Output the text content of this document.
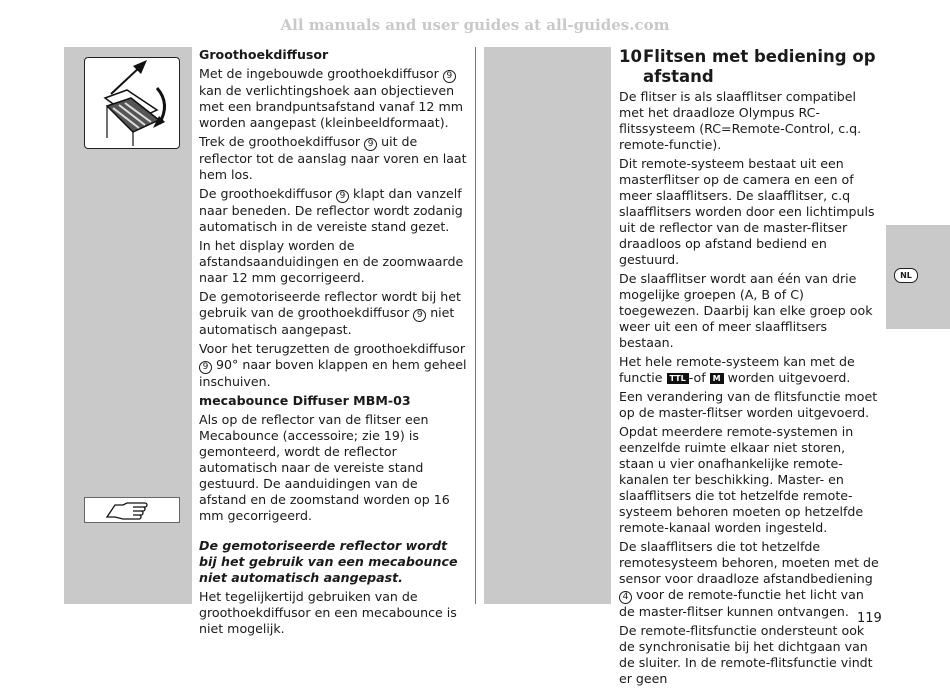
All manuals and user guides at all-guides.com
Groothoekdiffusor

Met de ingebouwde groothoekdiffusor 9 kan de verlichtingshoek aan objectieven met een brandpuntsafstand vanaf 12 mm worden aangepast (kleinbeeldformaat).

Trek de groothoekdiffusor 9 uit de reflector tot de aanslag naar voren en laat hem los.

De groothoekdiffusor 9 klapt dan vanzelf naar beneden. De reflector wordt zodanig automatisch in de vereiste stand gezet.

In het display worden de afstandsaanduidingen en de zoomwaarde naar 12 mm gecorrigeerd.

De gemotoriseerde reflector wordt bij het gebruik van de groothoekdiffusor 9 niet automatisch aangepast.

Voor het terugzetten de groothoekdiffusor 9 90° naar boven klappen en hem geheel inschuiven.

mecabounce Diffuser MBM-03

Als op de reflector van de flitser een Mecabounce (accessoire; zie 19) is gemonteerd, wordt de reflector automatisch naar de vereiste stand gestuurd. De aanduidingen van de afstand en de zoomstand worden op 16 mm gecorrigeerd.

De gemotoriseerde reflector wordt bij het gebruik van een mecabounce niet automatisch aangepast.

Het tegelijkertijd gebruiken van de groothoekdiffusor en een mecabounce is niet mogelijk.

10Flitsen met bediening op
afstand

De flitser is als slaafflitser compatibel met het draadloze Olympus RC-flitssysteem (RC=Remote-Control, c.q. remote-functie).

Dit remote-systeem bestaat uit een masterflitser op de camera en een of meer slaafflitsers. De slaafflitser, c.q slaafflitsers worden door een lichtimpuls uit de reflector van de master-flitser draadloos op afstand bediend en gestuurd.

De slaafflitser wordt aan één van drie mogelijke groepen (A, B of C) toegewezen. Daarbij kan elke groep ook weer uit een of meer slaafflitsers bestaan.

Het hele remote-systeem kan met de functie TTL -of M worden uitgevoerd.

Een verandering van de flitsfunctie moet op de master-flitser worden uitgevoerd.

Opdat meerdere remote-systemen in eenzelfde ruimte elkaar niet storen, staan u vier onafhankelijke remote-kanalen ter beschikking. Master- en slaafflitsers die tot hetzelfde remote-systeem behoren moeten op hetzelfde remote-kanaal worden ingesteld.

De slaafflitsers die tot hetzelfde remotesysteem behoren, moeten met de sensor voor draadloze afstandbediening 4 voor de remote-functie het licht van de master-flitser kunnen ontvangen.

De remote-flitsfunctie ondersteunt ook de synchronisatie bij het dichtgaan van de sluiter. In de remote-flitsfunctie vindt er geen

NL
119
